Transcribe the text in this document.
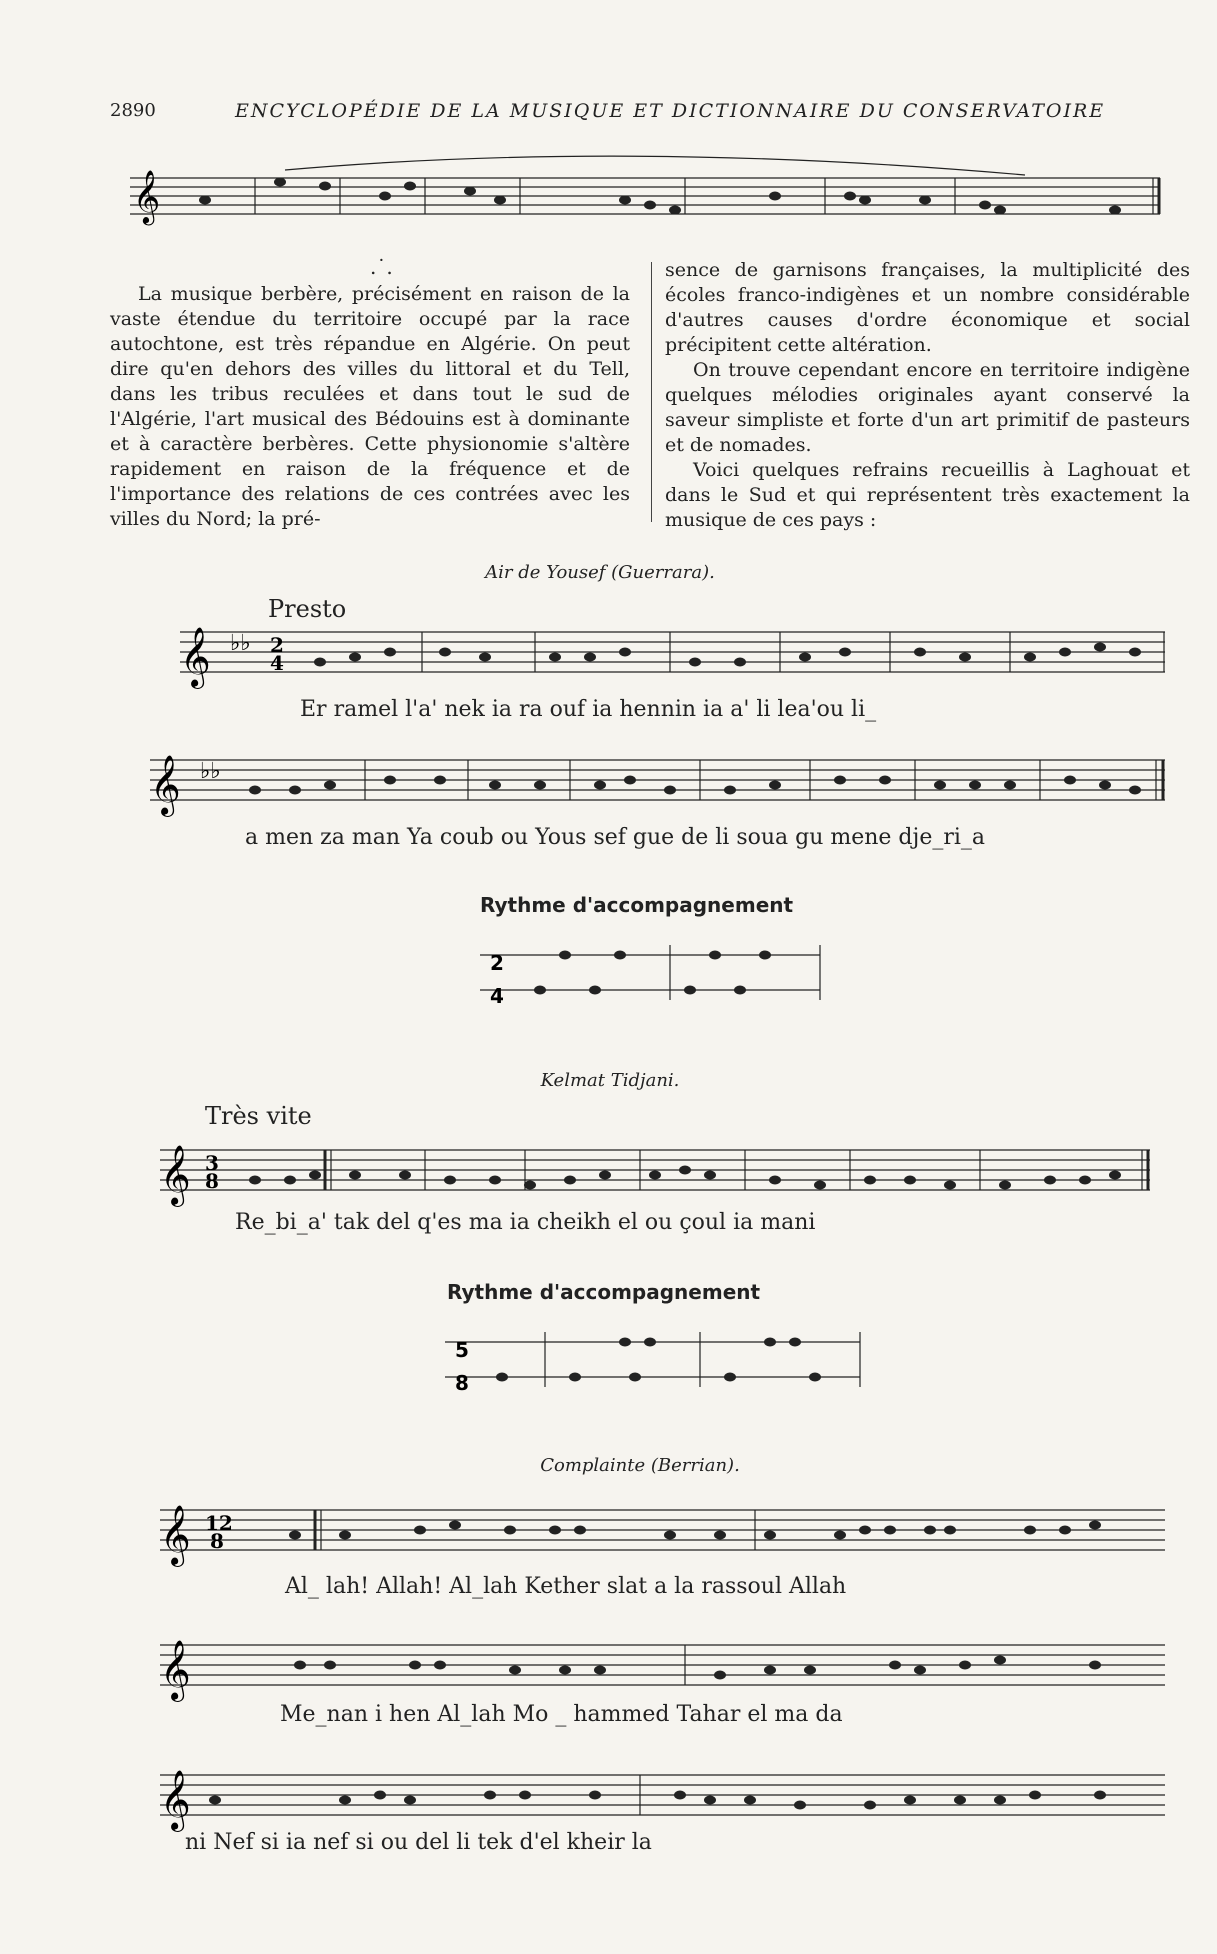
2890	ENCYCLOPÉDIE DE LA MUSIQUE ET DICTIONNAIRE DU CONSERVATOIRE
𝄞
.˙.

La musique berbère, précisément en raison de la vaste étendue du territoire occupé par la race autochtone, est très répandue en Algérie. On peut dire qu'en dehors des villes du littoral et du Tell, dans les tribus reculées et dans tout le sud de l'Algérie, l'art musical des Bédouins est à dominante et à caractère berbères. Cette physionomie s'altère rapidement en raison de la fréquence et de l'importance des relations de ces contrées avec les villes du Nord; la pré-

sence de garnisons françaises, la multiplicité des écoles franco-indigènes et un nombre considérable d'autres causes d'ordre économique et social précipitent cette altération.

On trouve cependant encore en territoire indigène quelques mélodies originales ayant conservé la saveur simpliste et forte d'un art primitif de pasteurs et de nomades.

Voici quelques refrains recueillis à Laghouat et dans le Sud et qui représentent très exactement la musique de ces pays :

Air de Yousef (Guerrara).
Presto
𝄞 ♭♭ 2
4
Er ramel l'a' nek ia ra ouf ia hennin ia a' li lea'ou li_
𝄞 ♭♭
a men za man Ya coub ou Yous sef gue de li soua gu mene dje_ri_a
Rythme d'accompagnement
2
4
Kelmat Tidjani.
Très vite
𝄞 3
8
Re_bi_a' tak del q'es ma ia cheikh el ou çoul ia mani
Rythme d'accompagnement
5
8
Complainte (Berrian).
𝄞 12
8
Al_ lah! Allah! Al_lah Kether slat a la rassoul Allah
𝄞
Me_nan i hen Al_lah Mo _ hammed Tahar el ma da
𝄞
ni Nef si ia nef si ou del li tek d'el kheir la
